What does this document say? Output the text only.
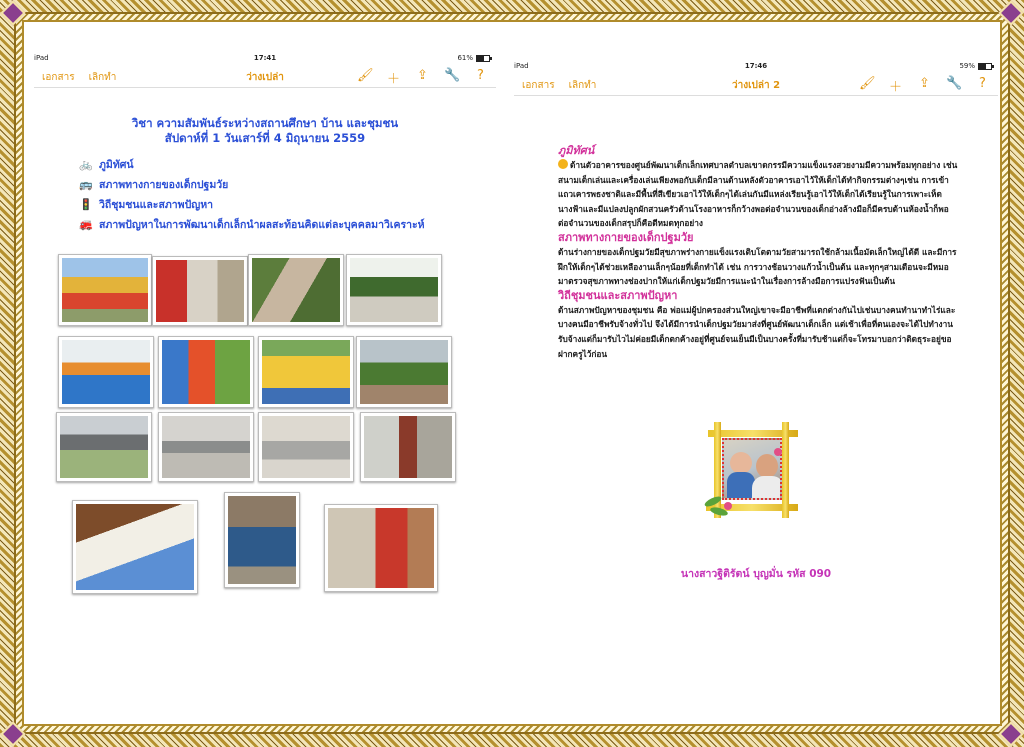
iPad	17:41	61%
เอกสาร เลิกทำ	ว่างเปล่า	🖌 ＋ ⇪ 🔧	?
วิชา ความสัมพันธ์ระหว่างสถานศึกษา บ้าน และชุมชน
สัปดาห์ที่ 1 วันเสาร์ที่ 4 มิถุนายน 2559
🚲 ภูมิทัศน์
🚌 สภาพทางกายของเด็กปฐมวัย
🚦 วิถีชุมชนและสภาพปัญหา
🚒 สภาพปัญหาในการพัฒนาเด็กเล็กนำผลสะท้อนคิดแต่ละบุคคลมาวิเคราะห์
iPad	17:46	59%
เอกสาร เลิกทำ	ว่างเปล่า 2	🖌 ＋ ⇪ 🔧	?
ภูมิทัศน์
ด้านตัวอาคารของศูนย์พัฒนาเด็กเล็กเทศบาลตำบลเขาดกรรมีความแข็งแรงสวยงามมีความพร้อมทุกอย่าง เช่น สนามเด็กเล่นและเครื่องเล่นเพียงพอกับเด็กมีลานด้านหลังตัวอาคารเอาไว้ให้เด็กได้ทำกิจกรรมต่างๆเช่น การเข้าแถวเคารพธงชาติและมีพื้นที่สีเขียวเอาไว้ให้เด็กๆได้เล่นกันมีแหล่งเรียนรู้เอาไว้ให้เด็กได้เรียนรู้ในการเพาะเห็ดนางฟ้าและมีแปลงปลูกผักสวนครัวด้านโรงอาหารก็กว้างพอต่อจำนวนของเด็กอ่างล้างมือก็มีครบด้านห้องน้ำก็พอต่อจำนวนของเด็กสรุปก็คือดีหมดทุกอย่าง
สภาพทางกายของเด็กปฐมวัย
ด้านร่างกายของเด็กปฐมวัยมีสุขภาพร่างกายแข็งแรงเติบโตตามวัยสามารถใช้กล้ามเนื้อมัดเล็กใหญ่ได้ดี และมีการฝึกให้เด็กๆได้ช่วยเหลืองานเล็กๆน้อยที่เด็กทำได้ เช่น การวางช้อนวางแก้วน้ำเป็นต้น และทุกๆสามเดือนจะมีหมอมาตรวจสุขภาพทางช่องปากให้แก่เด็กปฐมวัยมีการแนะนำในเรื่องการล้างมือการแปรงฟันเป็นต้น
วิถีชุมชนและสภาพปัญหา
ด้านสภาพปัญหาของชุมชน คือ พ่อแม่ผู้ปกครองส่วนใหญ่เขาจะมีอาชีพที่แตกต่างกันไปเช่นบางคนทำนาทำไร่และบางคนมีอาชีพรับจ้างทั่วไป จึงได้มีการนำเด็กปฐมวัยมาส่งที่ศูนย์พัฒนาเด็กเล็ก แต่เช้าเพื่อที่ตนเองจะได้ไปทำงาน รับจ้างแต่ก็มารับไวไม่ค่อยมีเด็กตกค้างอยู่ที่ศูนย์จนเย็นมีเป็นบางครั้งที่มารับช้าแต่ก็จะโทรมาบอกว่าติดธุระอยู่ขอฝากครูไว้ก่อน
นางสาวฐิติรัตน์ บุญมั่น รหัส 090
